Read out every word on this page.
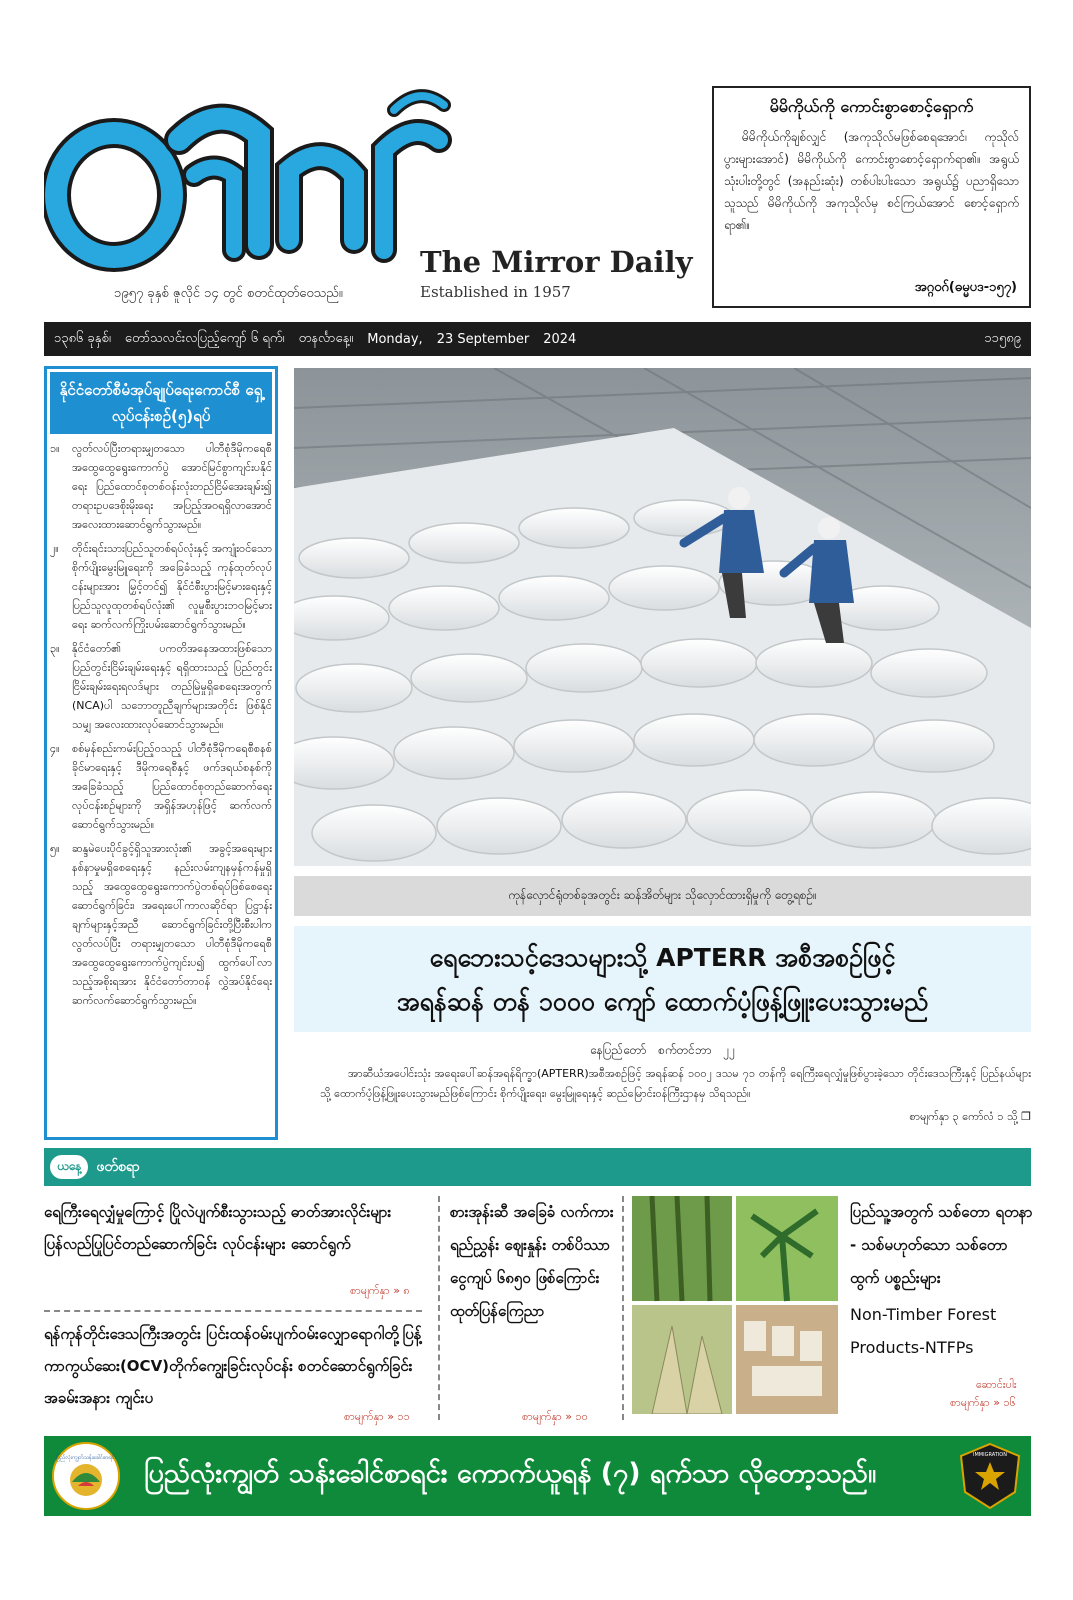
၁၉၅၇ ခုနှစ် ဇူလိုင် ၁၄ တွင် စတင်ထုတ်ဝေသည်။
The Mirror Daily
Established in 1957
မိမိကိုယ်ကို ကောင်းစွာစောင့်ရှောက်
မိမိကိုယ်ကိုချစ်လျှင် (အကုသိုလ်မဖြစ်စေရအောင်၊ ကုသိုလ်ပွားများအောင်) မိမိကိုယ်ကို ကောင်းစွာစောင့်ရှောက်ရာ၏။ အရွယ်သုံးပါးတို့တွင် (အနည်းဆုံး) တစ်ပါးပါးသော အရွယ်၌ ပညာရှိသော သူသည် မိမိကိုယ်ကို အကုသိုလ်မှ စင်ကြယ်အောင် စောင့်ရှောက်ရာ၏။
အဂ္ဂ၀ဂ်(ဓမ္မပဒ-၁၅၇)
၁၃၈၆ ခုနှစ်၊ တော်သလင်းလပြည့်ကျော် ၆ ရက်၊ တနင်္လာနေ့။ Monday, 23 September 2024	၁၁၅၈၉
နိုင်ငံတော်စီမံအုပ်ချုပ်ရေးကောင်စီ ရှေ့လုပ်ငန်းစဉ်(၅)ရပ်
၁။	လွတ်လပ်ပြီးတရားမျှတသော ပါတီစုံဒီမိုကရေစီ အထွေထွေရွေးကောက်ပွဲ အောင်မြင်စွာကျင်းပနိုင်ရေး ပြည်ထောင်စုတစ်ဝန်းလုံးတည်ငြိမ်အေးချမ်း၍ တရားဥပဒေစိုးမိုးရေး အပြည့်အဝရရှိလာအောင် အလေးထားဆောင်ရွက်သွားမည်။
၂။	တိုင်းရင်းသားပြည်သူတစ်ရပ်လုံးနှင့် အကျုံးဝင်သော စိုက်ပျိုးမွေးမြူရေးကို အခြေခံသည့် ကုန်ထုတ်လုပ်ငန်းများအား မြှင့်တင်၍ နိုင်ငံစီးပွားမြင့်မားရေးနှင့် ပြည်သူလူထုတစ်ရပ်လုံး၏ လူမှုစီးပွားဘဝမြင့်မားရေး ဆက်လက်ကြိုးပမ်းဆောင်ရွက်သွားမည်။
၃။	နိုင်ငံတော်၏ ပကတိအနေအထားဖြစ်သော ပြည်တွင်းငြိမ်းချမ်းရေးနှင့် ရရှိထားသည့် ပြည်တွင်းငြိမ်းချမ်းရေးရလဒ်များ တည်မြဲမှုရှိစေရေးအတွက် (NCA)ပါ သဘောတူညီချက်များအတိုင်း ဖြစ်နိုင်သမျှ အလေးထားလုပ်ဆောင်သွားမည်။
၄။	စစ်မှန်စည်းကမ်းပြည့်ဝသည့် ပါတီစုံဒီမိုကရေစီစနစ် ခိုင်မာရေးနှင့် ဒီမိုကရေစီနှင့် ဖက်ဒရယ်စနစ်ကို အခြေခံသည့် ပြည်ထောင်စုတည်ဆောက်ရေးလုပ်ငန်းစဉ်များကို အရှိန်အဟုန်ဖြင့် ဆက်လက်ဆောင်ရွက်သွားမည်။
၅။	ဆန္ဒမဲပေးပိုင်ခွင့်ရှိသူအားလုံး၏ အခွင့်အရေးများ နစ်နာမှုမရှိစေရေးနှင့် နည်းလမ်းကျနမှန်ကန်မှုရှိသည့် အထွေထွေရွေးကောက်ပွဲတစ်ရပ်ဖြစ်စေရေး ဆောင်ရွက်ခြင်း၊ အရေးပေါ်ကာလဆိုင်ရာ ပြဋ္ဌာန်းချက်များနှင့်အညီ ဆောင်ရွက်ခြင်းတို့ပြီးစီးပါက လွတ်လပ်ပြီး တရားမျှတသော ပါတီစုံဒီမိုကရေစီ အထွေထွေရွေးကောက်ပွဲကျင်းပ၍ ထွက်ပေါ်လာသည့်အစိုးရအား နိုင်ငံတော်တာဝန် လွှဲအပ်နိုင်ရေး ဆက်လက်ဆောင်ရွက်သွားမည်။
ကုန်လှောင်ရုံတစ်ခုအတွင်း ဆန်အိတ်များ သိုလှောင်ထားရှိမှုကို တွေ့ရစဉ်။
ရေဘေးသင့်ဒေသများသို့ APTERR အစီအစဉ်ဖြင့်
အရန်ဆန် တန် ၁၀၀၀ ကျော် ထောက်ပံ့ဖြန့်ဖြူးပေးသွားမည်
နေပြည်တော် စက်တင်ဘာ ၂၂
အာဆီယံအပေါင်းသုံး အရေးပေါ်ဆန်အရန်ရိက္ခာ(APTERR)အစီအစဉ်ဖြင့် အရန်ဆန် ၁၀၀၂ ဒသမ ၇၁ တန်ကို ရေကြီးရေလျှံမှုဖြစ်ပွားခဲ့သော တိုင်းဒေသကြီးနှင့် ပြည်နယ်များသို့ ထောက်ပံ့ဖြန့်ဖြူးပေးသွားမည်ဖြစ်ကြောင်း စိုက်ပျိုးရေး၊ မွေးမြူရေးနှင့် ဆည်မြောင်းဝန်ကြီးဌာနမှ သိရသည်။
စာမျက်နှာ ၃ ကော်လံ ၁ သို့ ❐
ယနေ့	ဖတ်စရာ
ရေကြီးရေလျှံမှုကြောင့် ပြိုလဲပျက်စီးသွားသည့် ဓာတ်အားလိုင်းများ ပြန်လည်ပြုပြင်တည်ဆောက်ခြင်း လုပ်ငန်းများ ဆောင်ရွက်
စာမျက်နှာ » ၈
ရန်ကုန်တိုင်းဒေသကြီးအတွင်း ပြင်းထန်ဝမ်းပျက်ဝမ်းလျှောရောဂါတို့ပြန့်ကာကွယ်ဆေး(OCV)တိုက်ကျွေးခြင်းလုပ်ငန်း စတင်ဆောင်ရွက်ခြင်းအခမ်းအနား ကျင်းပ
စာမျက်နှာ » ၁၁
စားအုန်းဆီ အခြေခံ လက်ကားရည်ညွှန်း ဈေးနှုန်း တစ်ပိဿာ ငွေကျပ် ၆၈၅၀ ဖြစ်ကြောင်း ထုတ်ပြန်ကြေညာ
စာမျက်နှာ » ၁၀
ပြည်သူ့အတွက် သစ်တော ရတနာ - သစ်မဟုတ်သော သစ်တောထွက် ပစ္စည်းများ
Non-Timber Forest Products-NTFPs
ဆောင်းပါး
စာမျက်နှာ » ၁၆
ပြည်လုံးကျွတ်သန်းခေါင်စာရင်း ပြည်လုံးကျွတ် သန်းခေါင်စာရင်း ကောက်ယူရန် (၇) ရက်သာ လိုတော့သည်။
IMMIGRATION
